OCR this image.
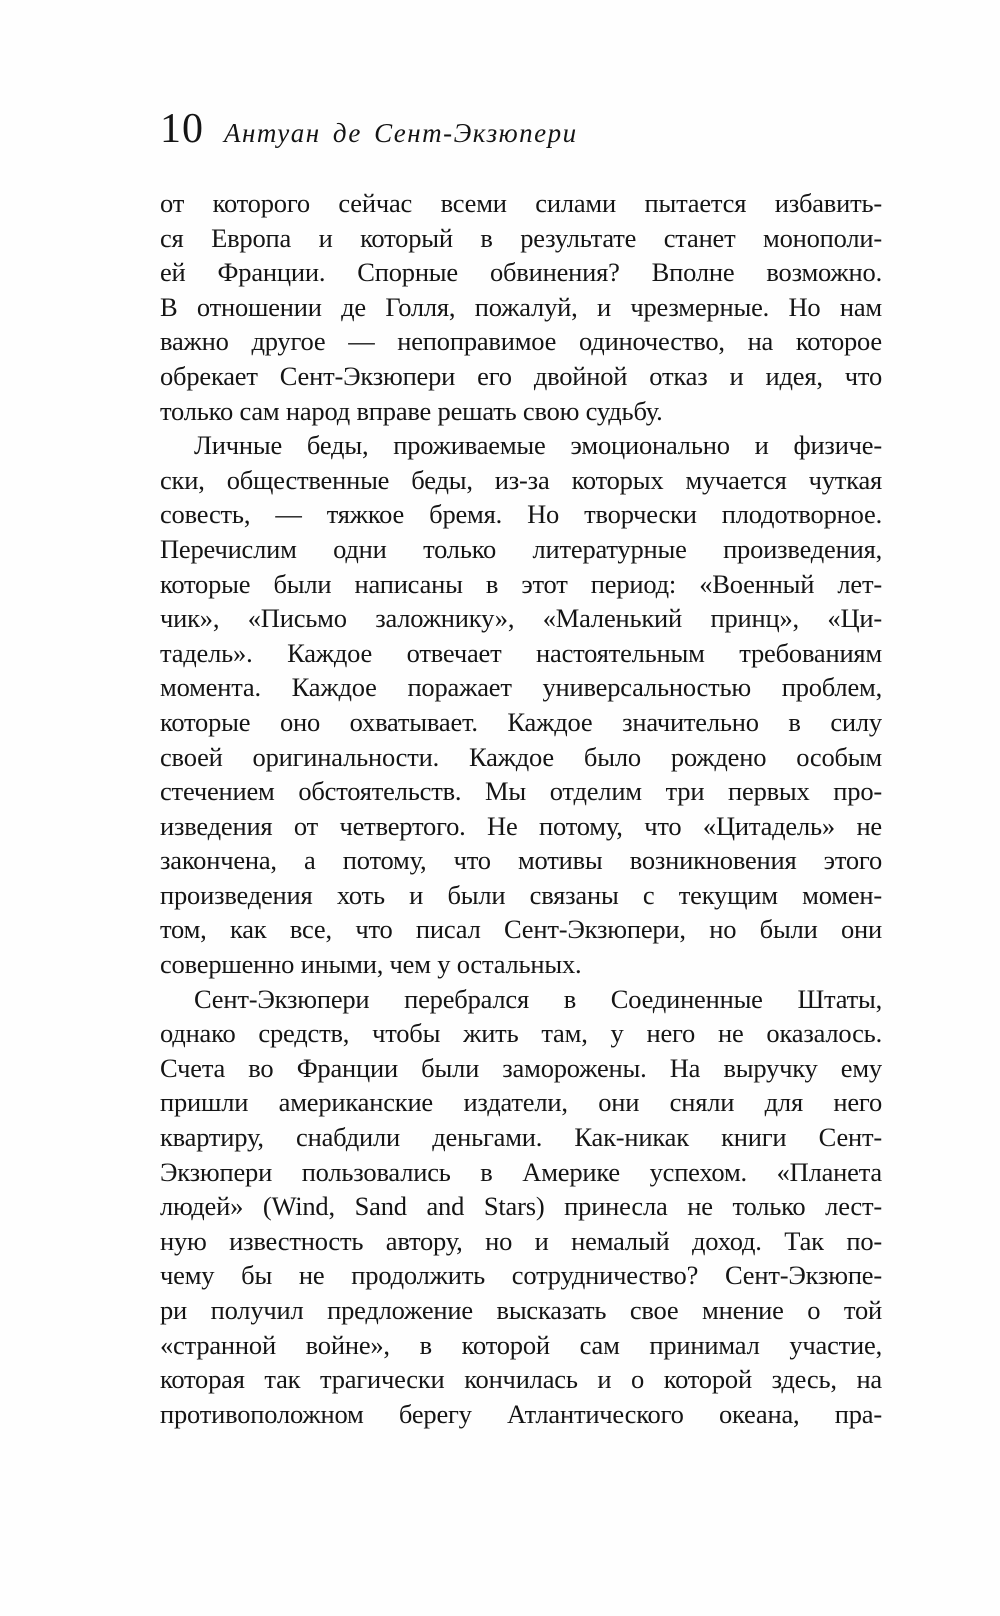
10 Антуан де Сент-Экзюпери
от которого сейчас всеми силами пытается избавить-
ся Европа и который в результате станет монополи-
ей Франции. Спорные обвинения? Вполне возможно.
В отношении де Голля, пожалуй, и чрезмерные. Но нам
важно другое — непоправимое одиночество, на которое
обрекает Сент-Экзюпери его двойной отказ и идея, что
только сам народ вправе решать свою судьбу.
Личные беды, проживаемые эмоционально и физиче-
ски, общественные беды, из-за которых мучается чуткая
совесть, — тяжкое бремя. Но творчески плодотворное.
Перечислим одни только литературные произведения,
которые были написаны в этот период: «Военный лет-
чик», «Письмо заложнику», «Маленький принц», «Ци-
тадель». Каждое отвечает настоятельным требованиям
момента. Каждое поражает универсальностью проблем,
которые оно охватывает. Каждое значительно в силу
своей оригинальности. Каждое было рождено особым
стечением обстоятельств. Мы отделим три первых про-
изведения от четвертого. Не потому, что «Цитадель» не
закончена, а потому, что мотивы возникновения этого
произведения хоть и были связаны с текущим момен-
том, как все, что писал Сент-Экзюпери, но были они
совершенно иными, чем у остальных.
Сент-Экзюпери перебрался в Соединенные Штаты,
однако средств, чтобы жить там, у него не оказалось.
Счета во Франции были заморожены. На выручку ему
пришли американские издатели, они сняли для него
квартиру, снабдили деньгами. Как-никак книги Сент-
Экзюпери пользовались в Америке успехом. «Планета
людей» (Wind, Sand and Stars) принесла не только лест-
ную известность автору, но и немалый доход. Так по-
чему бы не продолжить сотрудничество? Сент-Экзюпе-
ри получил предложение высказать свое мнение о той
«странной войне», в которой сам принимал участие,
которая так трагически кончилась и о которой здесь, на
противоположном берегу Атлантического океана, пра-
